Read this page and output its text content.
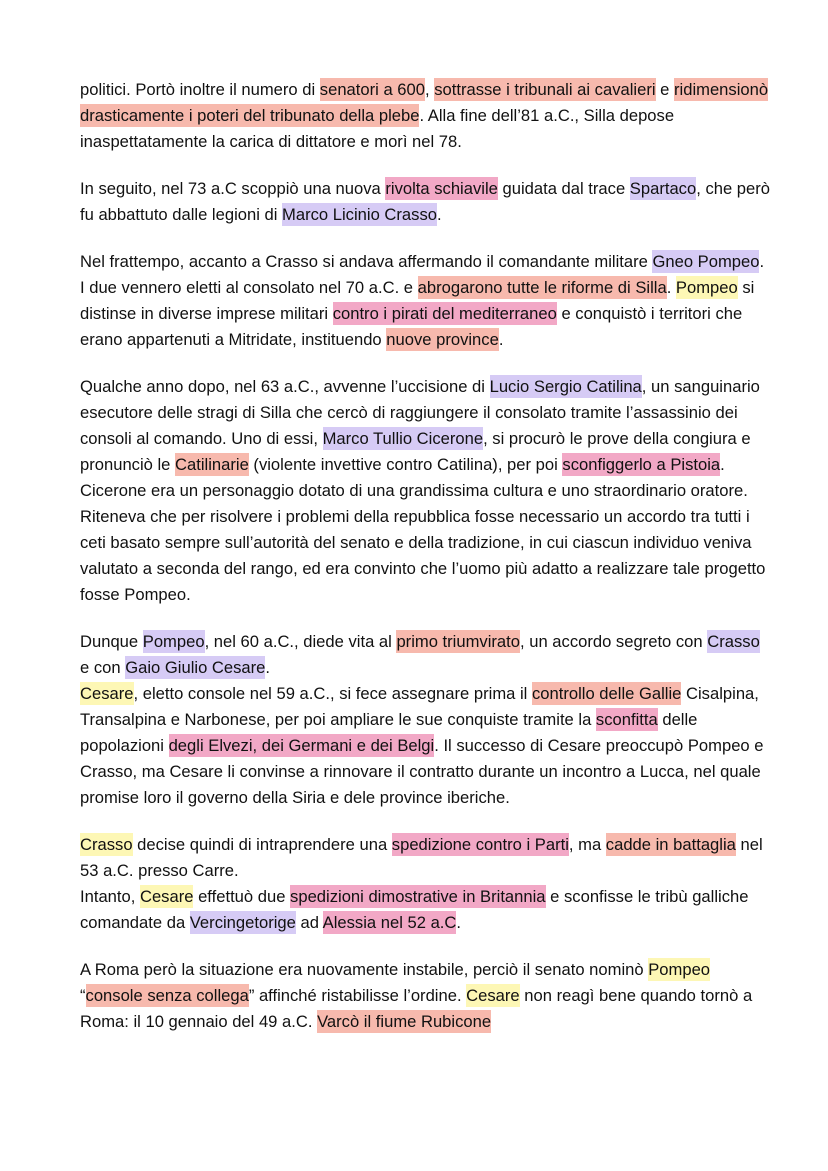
politici. Portò inoltre il numero di senatori a 600, sottrasse i tribunali ai cavalieri e ridimensionò drasticamente i poteri del tribunato della plebe. Alla fine dell’81 a.C., Silla depose inaspettatamente la carica di dittatore e morì nel 78.

In seguito, nel 73 a.C scoppiò una nuova rivolta schiavile guidata dal trace Spartaco, che però fu abbattuto dalle legioni di Marco Licinio Crasso.

Nel frattempo, accanto a Crasso si andava affermando il comandante militare Gneo Pompeo. I due vennero eletti al consolato nel 70 a.C. e abrogarono tutte le riforme di Silla. Pompeo si distinse in diverse imprese militari contro i pirati del mediterraneo e conquistò i territori che erano appartenuti a Mitridate, instituendo nuove province.

Qualche anno dopo, nel 63 a.C., avvenne l’uccisione di Lucio Sergio Catilina, un sanguinario esecutore delle stragi di Silla che cercò di raggiungere il consolato tramite l’assassinio dei consoli al comando. Uno di essi, Marco Tullio Cicerone, si procurò le prove della congiura e pronunciò le Catilinarie (violente invettive contro Catilina), per poi sconfiggerlo a Pistoia.

Cicerone era un personaggio dotato di una grandissima cultura e uno straordinario oratore. Riteneva che per risolvere i problemi della repubblica fosse necessario un accordo tra tutti i ceti basato sempre sull’autorità del senato e della tradizione, in cui ciascun individuo veniva valutato a seconda del rango, ed era convinto che l’uomo più adatto a realizzare tale progetto fosse Pompeo.

Dunque Pompeo, nel 60 a.C., diede vita al primo triumvirato, un accordo segreto con Crasso e con Gaio Giulio Cesare.

Cesare, eletto console nel 59 a.C., si fece assegnare prima il controllo delle Gallie Cisalpina, Transalpina e Narbonese, per poi ampliare le sue conquiste tramite la sconfitta delle popolazioni degli Elvezi, dei Germani e dei Belgi. Il successo di Cesare preoccupò Pompeo e Crasso, ma Cesare li convinse a rinnovare il contratto durante un incontro a Lucca, nel quale promise loro il governo della Siria e dele province iberiche.

Crasso decise quindi di intraprendere una spedizione contro i Parti, ma cadde in battaglia nel 53 a.C. presso Carre.

Intanto, Cesare effettuò due spedizioni dimostrative in Britannia e sconfisse le tribù galliche comandate da Vercingetorige ad Alessia nel 52 a.C.

A Roma però la situazione era nuovamente instabile, perciò il senato nominò Pompeo “console senza collega” affinché ristabilisse l’ordine. Cesare non reagì bene quando tornò a Roma: il 10 gennaio del 49 a.C. Varcò il fiume Rubicone
